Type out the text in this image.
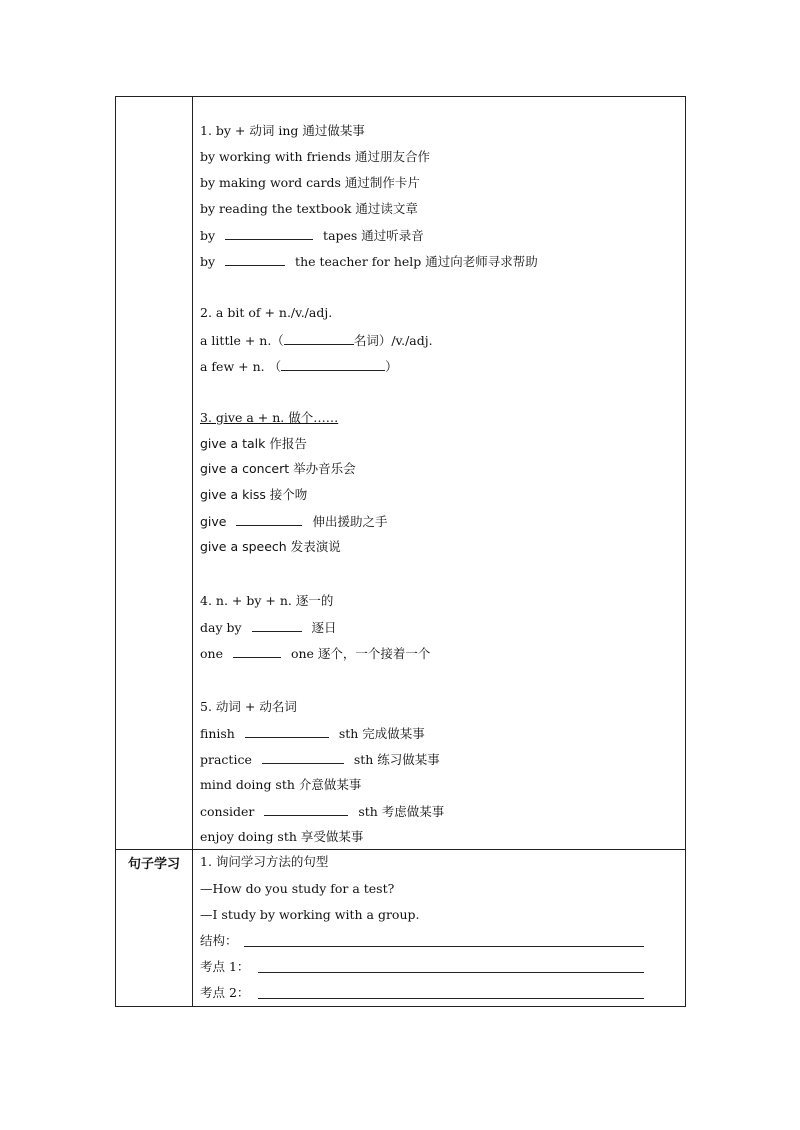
1. by + 动词 ing 通过做某事
by working with friends 通过朋友合作
by making word cards 通过制作卡片
by reading the textbook 通过读文章
by	tapes 通过听录音
by	the teacher for help 通过向老师寻求帮助
2. a bit of + n./v./adj.
a little + n.（	名词）/v./adj.
a few + n. （	）
3. give a + n. 做个……
give a talk 作报告
give a concert 举办音乐会
give a kiss 接个吻
give	伸出援助之手
give a speech 发表演说
4. n. + by + n. 逐一的
day by	逐日
one	one 逐个，一个接着一个
5. 动词 + 动名词
finish	sth 完成做某事
practice	sth 练习做某事
mind doing sth 介意做某事
consider	sth 考虑做某事
enjoy doing sth 享受做某事
句子学习	1. 询问学习方法的句型
—How do you study for a test?
—I study by working with a group.
结构：
考点 1：
考点 2：
